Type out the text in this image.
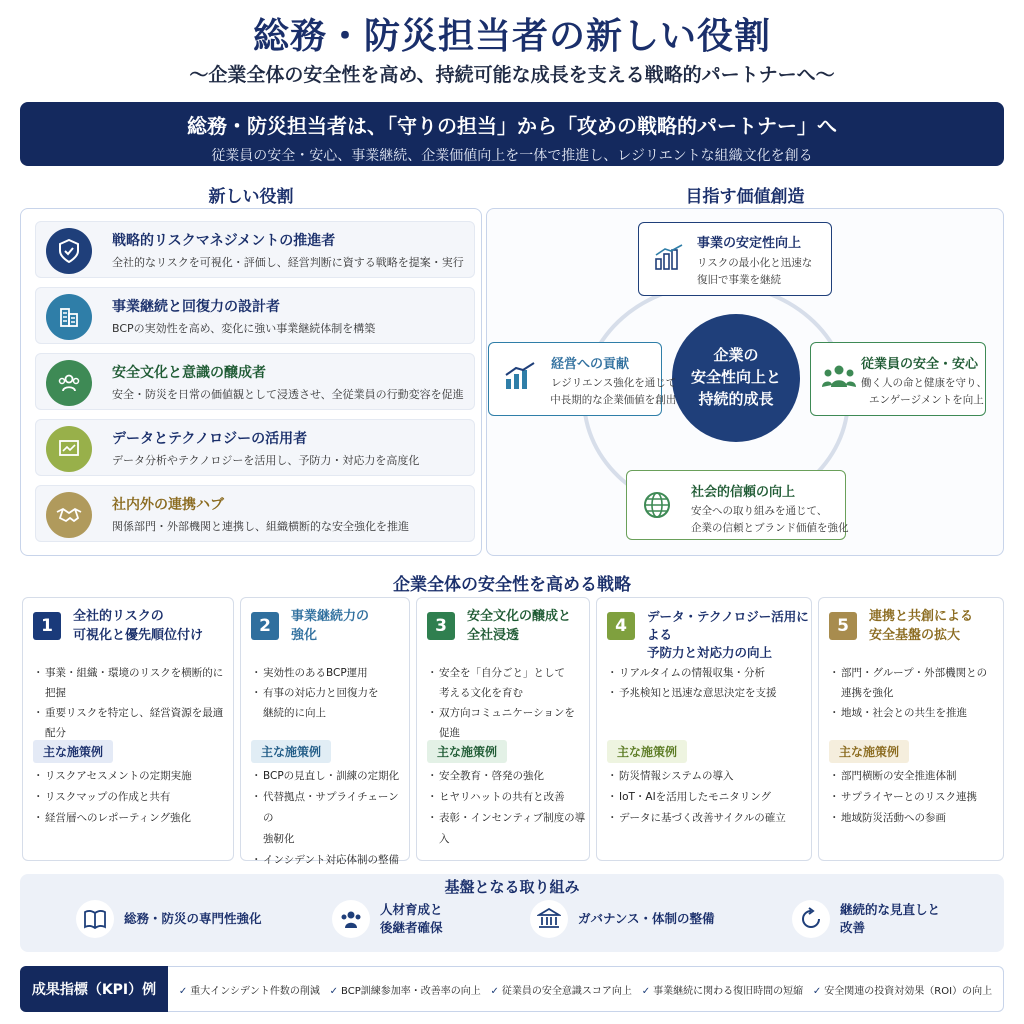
総務・防災担当者の新しい役割
〜企業全体の安全性を高め、持続可能な成長を支える戦略的パートナーへ〜
総務・防災担当者は、「守りの担当」から「攻めの戦略的パートナー」へ
従業員の安全・安心、事業継続、企業価値向上を一体で推進し、レジリエントな組織文化を創る
新しい役割	目指す価値創造
戦略的リスクマネジメントの推進者
全社的なリスクを可視化・評価し、経営判断に資する戦略を提案・実行
事業継続と回復力の設計者
BCPの実効性を高め、変化に強い事業継続体制を構築
安全文化と意識の醸成者
安全・防災を日常の価値観として浸透させ、全従業員の行動変容を促進
データとテクノロジーの活用者
データ分析やテクノロジーを活用し、予防力・対応力を高度化
社内外の連携ハブ
関係部門・外部機関と連携し、組織横断的な安全強化を推進
企業の
安全性向上と
持続的成長
事業の安定性向上
リスクの最小化と迅速な
復旧で事業を継続
経営への貢献
レジリエンス強化を通じて
中長期的な企業価値を創出
従業員の安全・安心
働く人の命と健康を守り、
エンゲージメントを向上
社会的信頼の向上
安全への取り組みを通じて、
企業の信頼とブランド価値を強化
企業全体の安全性を高める戦略
1	全社的リスクの
可視化と優先順位付け
・ 事業・組織・環境のリスクを横断的に把握
・ 重要リスクを特定し、経営資源を最適配分
主な施策例
・ リスクアセスメントの定期実施
・ リスクマップの作成と共有
・ 経営層へのレポーティング強化
2	事業継続力の
強化
・ 実効性のあるBCP運用
・ 有事の対応力と回復力を
継続的に向上
主な施策例
・ BCPの見直し・訓練の定期化
・ 代替拠点・サプライチェーンの
強靭化
・ インシデント対応体制の整備
3	安全文化の醸成と
全社浸透
・ 安全を「自分ごと」として
考える文化を育む
・ 双方向コミュニケーションを
促進
主な施策例
・ 安全教育・啓発の強化
・ ヒヤリハットの共有と改善
・ 表彰・インセンティブ制度の導入
4	データ・テクノロジー活用による
予防力と対応力の向上
・ リアルタイムの情報収集・分析
・ 予兆検知と迅速な意思決定を支援
主な施策例
・ 防災情報システムの導入
・ IoT・AIを活用したモニタリング
・ データに基づく改善サイクルの確立
5	連携と共創による
安全基盤の拡大
・ 部門・グループ・外部機関との
連携を強化
・ 地域・社会との共生を推進
主な施策例
・ 部門横断の安全推進体制
・ サプライヤーとのリスク連携
・ 地域防災活動への参画
基盤となる取り組み
総務・防災の専門性強化
人材育成と
後継者確保
ガバナンス・体制の整備
継続的な見直しと
改善
成果指標（KPI）例	✓ 重大インシデント件数の削減 ✓ BCP訓練参加率・改善率の向上 ✓ 従業員の安全意識スコア向上 ✓ 事業継続に関わる復旧時間の短縮 ✓ 安全関連の投資対効果（ROI）の向上
